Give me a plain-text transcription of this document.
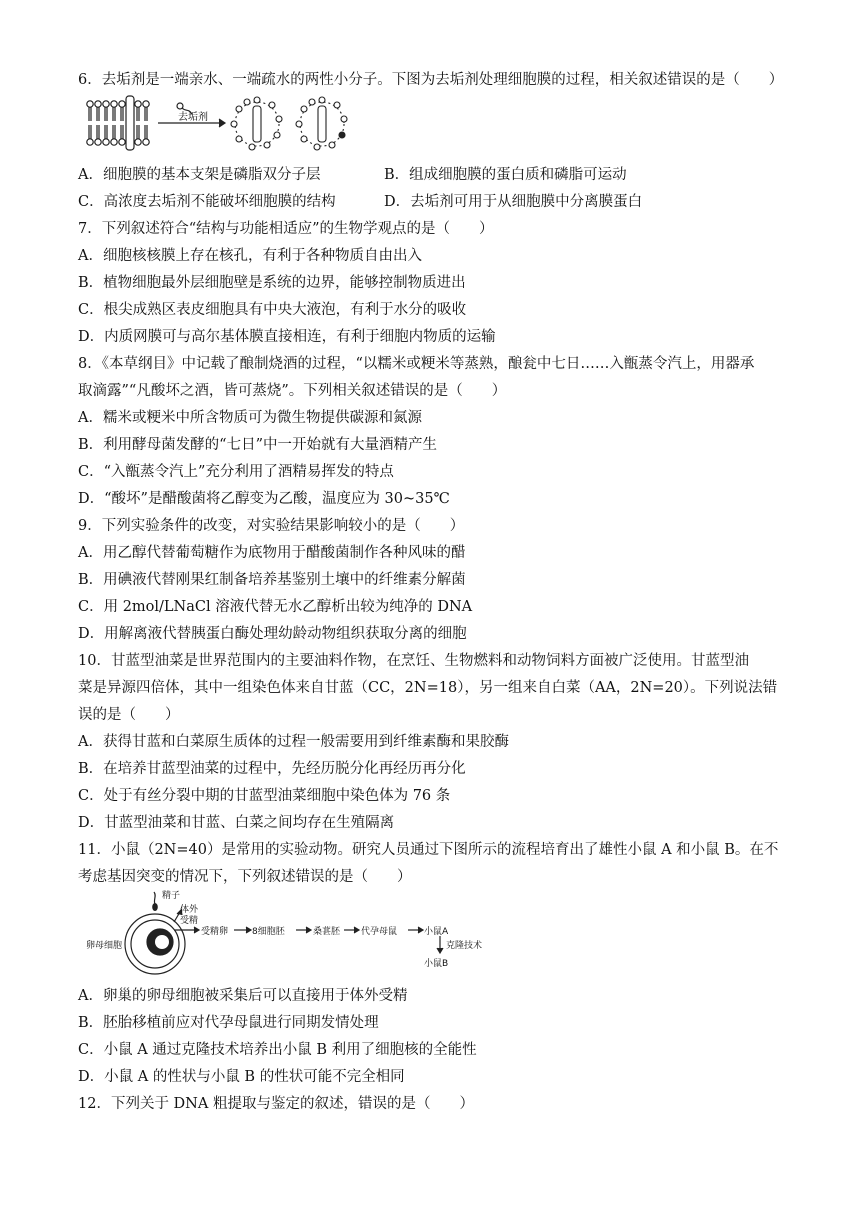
6．去垢剂是一端亲水、一端疏水的两性小分子。下图为去垢剂处理细胞膜的过程，相关叙述错误的是（　　）
去垢剂
A．细胞膜的基本支架是磷脂双分子层	B．组成细胞膜的蛋白质和磷脂可运动
C．高浓度去垢剂不能破坏细胞膜的结构	D．去垢剂可用于从细胞膜中分离膜蛋白
7．下列叙述符合“结构与功能相适应”的生物学观点的是（　　）
A．细胞核核膜上存在核孔，有利于各种物质自由出入
B．植物细胞最外层细胞壁是系统的边界，能够控制物质进出
C．根尖成熟区表皮细胞具有中央大液泡，有利于水分的吸收
D．内质网膜可与高尔基体膜直接相连，有利于细胞内物质的运输
8．《本草纲目》中记载了酿制烧酒的过程，“以糯米或粳米等蒸熟，酿瓮中七日……入甑蒸令汽上，用器承
取滴露”“凡酸坏之酒，皆可蒸烧”。下列相关叙述错误的是（　　）
A．糯米或粳米中所含物质可为微生物提供碳源和氮源
B．利用酵母菌发酵的“七日”中一开始就有大量酒精产生
C．“入甑蒸令汽上”充分利用了酒精易挥发的特点
D．“酸坏”是醋酸菌将乙醇变为乙酸，温度应为 30~35℃
9．下列实验条件的改变，对实验结果影响较小的是（　　）
A．用乙醇代替葡萄糖作为底物用于醋酸菌制作各种风味的醋
B．用碘液代替刚果红制备培养基鉴别土壤中的纤维素分解菌
C．用 2mol/LNaCl 溶液代替无水乙醇析出较为纯净的 DNA
D．用解离液代替胰蛋白酶处理幼龄动物组织获取分离的细胞
10．甘蓝型油菜是世界范围内的主要油料作物，在烹饪、生物燃料和动物饲料方面被广泛使用。甘蓝型油
菜是异源四倍体，其中一组染色体来自甘蓝（CC，2N=18），另一组来自白菜（AA，2N=20）。下列说法错
误的是（　　）
A．获得甘蓝和白菜原生质体的过程一般需要用到纤维素酶和果胶酶
B．在培养甘蓝型油菜的过程中，先经历脱分化再经历再分化
C．处于有丝分裂中期的甘蓝型油菜细胞中染色体为 76 条
D．甘蓝型油菜和甘蓝、白菜之间均存在生殖隔离
11．小鼠（2N=40）是常用的实验动物。研究人员通过下图所示的流程培育出了雄性小鼠 A 和小鼠 B。在不
考虑基因突变的情况下，下列叙述错误的是（　　）
精子
体外
受精
受精卵	8细胞胚	桑葚胚 代孕母鼠	小鼠A
克隆技术
小鼠B
卵母细胞
A．卵巢的卵母细胞被采集后可以直接用于体外受精
B．胚胎移植前应对代孕母鼠进行同期发情处理
C．小鼠 A 通过克隆技术培养出小鼠 B 利用了细胞核的全能性
D．小鼠 A 的性状与小鼠 B 的性状可能不完全相同
12．下列关于 DNA 粗提取与鉴定的叙述，错误的是（　　）
